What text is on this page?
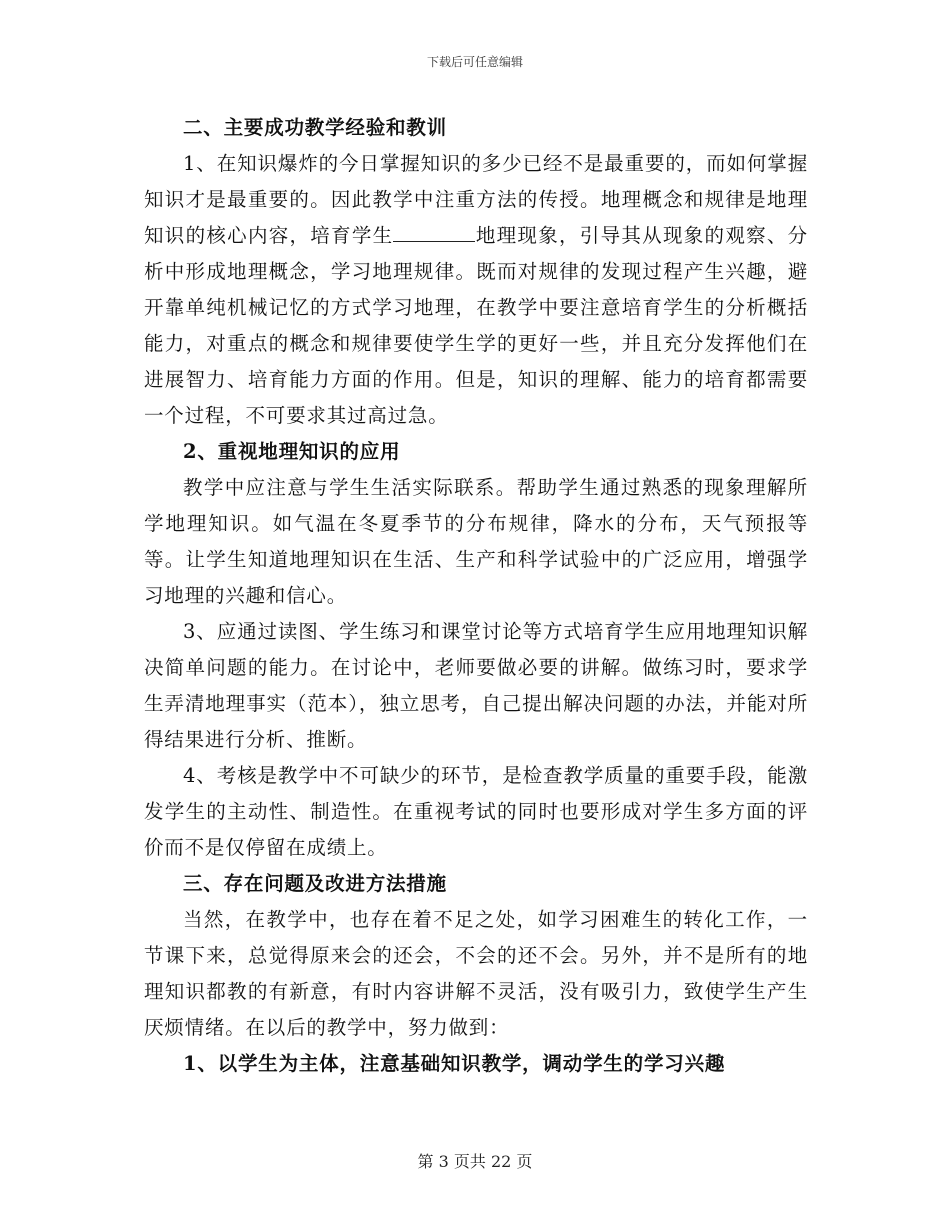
下载后可任意编辑

二、主要成功教学经验和教训

1、在知识爆炸的今日掌握知识的多少已经不是最重要的，而如何掌握知识才是最重要的。因此教学中注重方法的传授。地理概念和规律是地理知识的核心内容，培育学生	地理现象，引导其从现象的观察、分析中形成地理概念，学习地理规律。既而对规律的发现过程产生兴趣，避开靠单纯机械记忆的方式学习地理，在教学中要注意培育学生的分析概括能力，对重点的概念和规律要使学生学的更好一些，并且充分发挥他们在进展智力、培育能力方面的作用。但是，知识的理解、能力的培育都需要一个过程，不可要求其过高过急。

2、重视地理知识的应用

教学中应注意与学生生活实际联系。帮助学生通过熟悉的现象理解所学地理知识。如气温在冬夏季节的分布规律，降水的分布，天气预报等等。让学生知道地理知识在生活、生产和科学试验中的广泛应用，增强学习地理的兴趣和信心。

3、应通过读图、学生练习和课堂讨论等方式培育学生应用地理知识解决简单问题的能力。在讨论中，老师要做必要的讲解。做练习时，要求学生弄清地理事实（范本），独立思考，自己提出解决问题的办法，并能对所得结果进行分析、推断。

4、考核是教学中不可缺少的环节，是检查教学质量的重要手段，能激发学生的主动性、制造性。在重视考试的同时也要形成对学生多方面的评价而不是仅停留在成绩上。

三、存在问题及改进方法措施

当然，在教学中，也存在着不足之处，如学习困难生的转化工作，一节课下来，总觉得原来会的还会，不会的还不会。另外，并不是所有的地理知识都教的有新意，有时内容讲解不灵活，没有吸引力，致使学生产生厌烦情绪。在以后的教学中，努力做到：

1、以学生为主体，注意基础知识教学，调动学生的学习兴趣

第 3 页共 22 页
